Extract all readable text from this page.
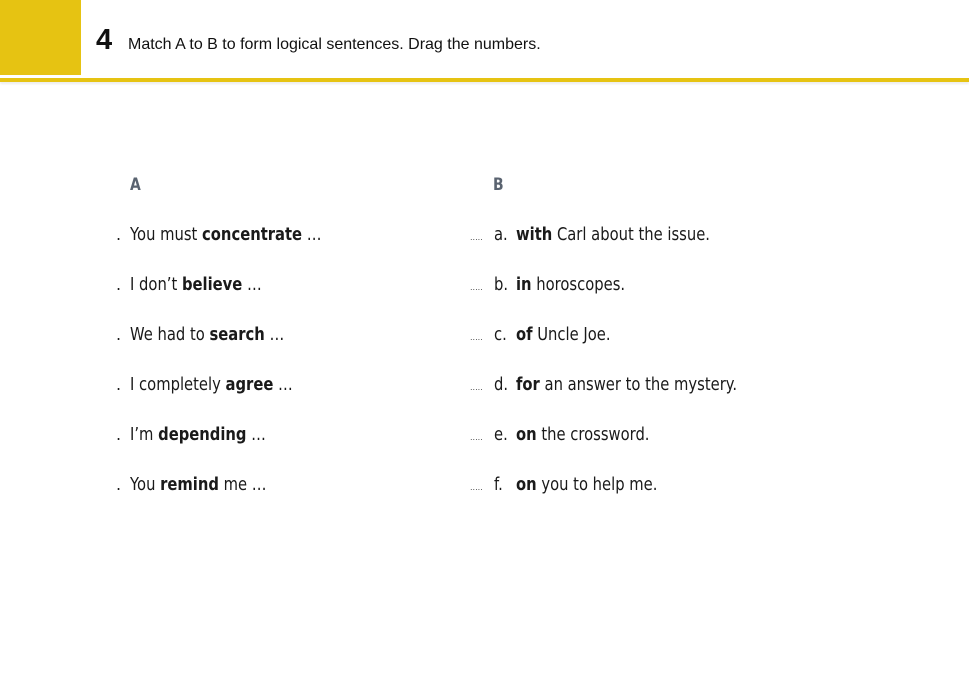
4 Match A to B to form logical sentences. Drag the numbers.
A	B
. You must concentrate …
. I don’t believe …
. We had to search …
. I completely agree …
. I’m depending …
. You remind me …
..... a. with Carl about the issue.
..... b. in horoscopes.
..... c. of Uncle Joe.
..... d. for an answer to the mystery.
..... e. on the crossword.
..... f. on you to help me.
